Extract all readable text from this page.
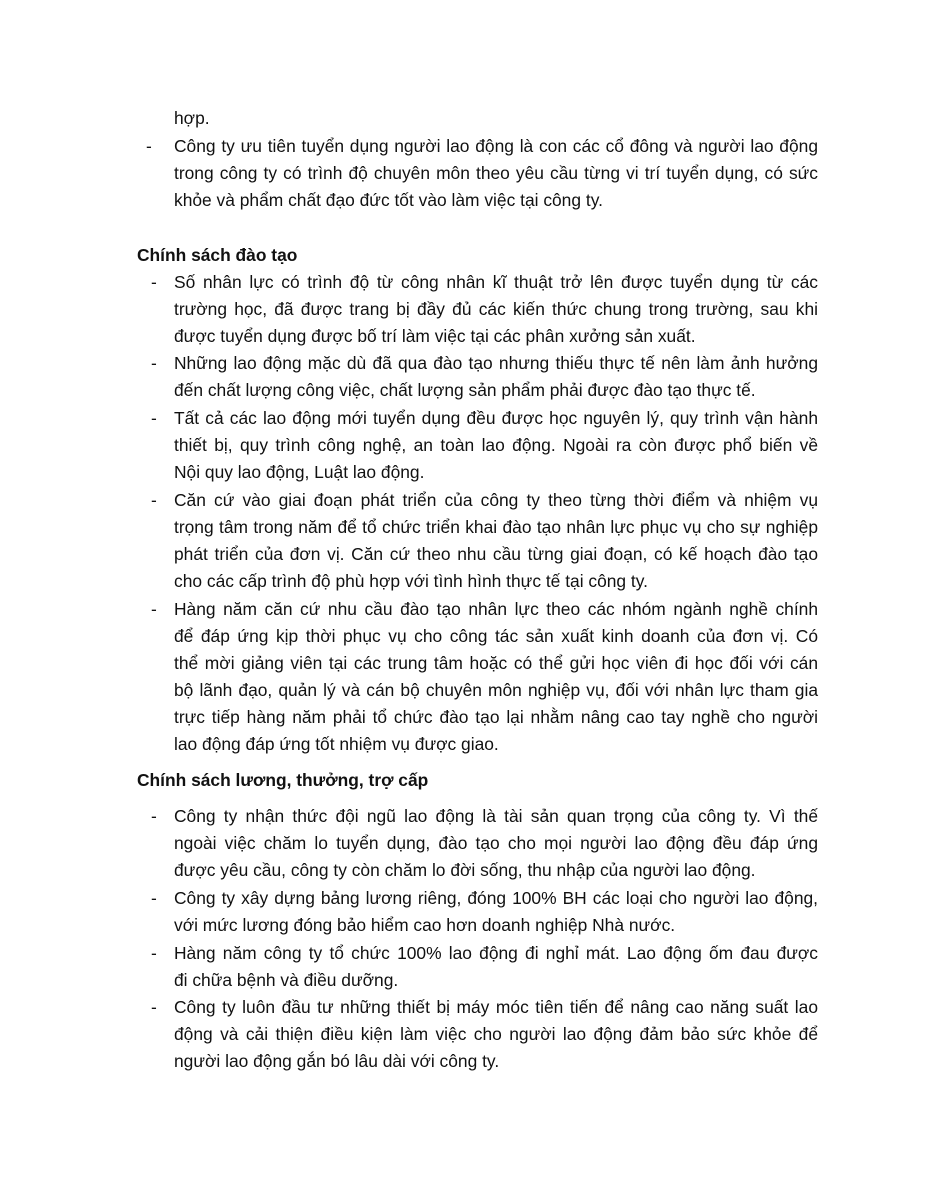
hợp.
-	Công ty ưu tiên tuyển dụng người lao động là con các cổ đông và người lao động
trong công ty có trình độ chuyên môn theo yêu cầu từng vi trí tuyển dụng, có sức
khỏe và phẩm chất đạo đức tốt vào làm việc tại công ty.
Chính sách đào tạo
- Số nhân lực có trình độ từ công nhân kĩ thuật trở lên được tuyển dụng từ các
trường học, đã được trang bị đầy đủ các kiến thức chung trong trường, sau khi
được tuyển dụng được bố trí làm việc tại các phân xưởng sản xuất.
- Những lao động mặc dù đã qua đào tạo nhưng thiếu thực tế nên làm ảnh hưởng
đến chất lượng công việc, chất lượng sản phẩm phải được đào tạo thực tế.
- Tất cả các lao động mới tuyển dụng đều được học nguyên lý, quy trình vận hành
thiết bị, quy trình công nghệ, an toàn lao động. Ngoài ra còn được phổ biến về
Nội quy lao động, Luật lao động.
- Căn cứ vào giai đoạn phát triển của công ty theo từng thời điểm và nhiệm vụ
trọng tâm trong năm để tổ chức triển khai đào tạo nhân lực phục vụ cho sự nghiệp
phát triển của đơn vị. Căn cứ theo nhu cầu từng giai đoạn, có kế hoạch đào tạo
cho các cấp trình độ phù hợp với tình hình thực tế tại công ty.
- Hàng năm căn cứ nhu cầu đào tạo nhân lực theo các nhóm ngành nghề chính
để đáp ứng kịp thời phục vụ cho công tác sản xuất kinh doanh của đơn vị. Có
thể mời giảng viên tại các trung tâm hoặc có thể gửi học viên đi học đối với cán
bộ lãnh đạo, quản lý và cán bộ chuyên môn nghiệp vụ, đối với nhân lực tham gia
trực tiếp hàng năm phải tổ chức đào tạo lại nhằm nâng cao tay nghề cho người
lao động đáp ứng tốt nhiệm vụ được giao.
Chính sách lương, thưởng, trợ cấp
- Công ty nhận thức đội ngũ lao động là tài sản quan trọng của công ty. Vì thế
ngoài việc chăm lo tuyển dụng, đào tạo cho mọi người lao động đều đáp ứng
được yêu cầu, công ty còn chăm lo đời sống, thu nhập của người lao động.
- Công ty xây dựng bảng lương riêng, đóng 100% BH các loại cho người lao động,
với mức lương đóng bảo hiểm cao hơn doanh nghiệp Nhà nước.
- Hàng năm công ty tổ chức 100% lao động đi nghỉ mát. Lao động ốm đau được
đi chữa bệnh và điều dưỡng.
- Công ty luôn đầu tư những thiết bị máy móc tiên tiến để nâng cao năng suất lao
động và cải thiện điều kiện làm việc cho người lao động đảm bảo sức khỏe để
người lao động gắn bó lâu dài với công ty.
